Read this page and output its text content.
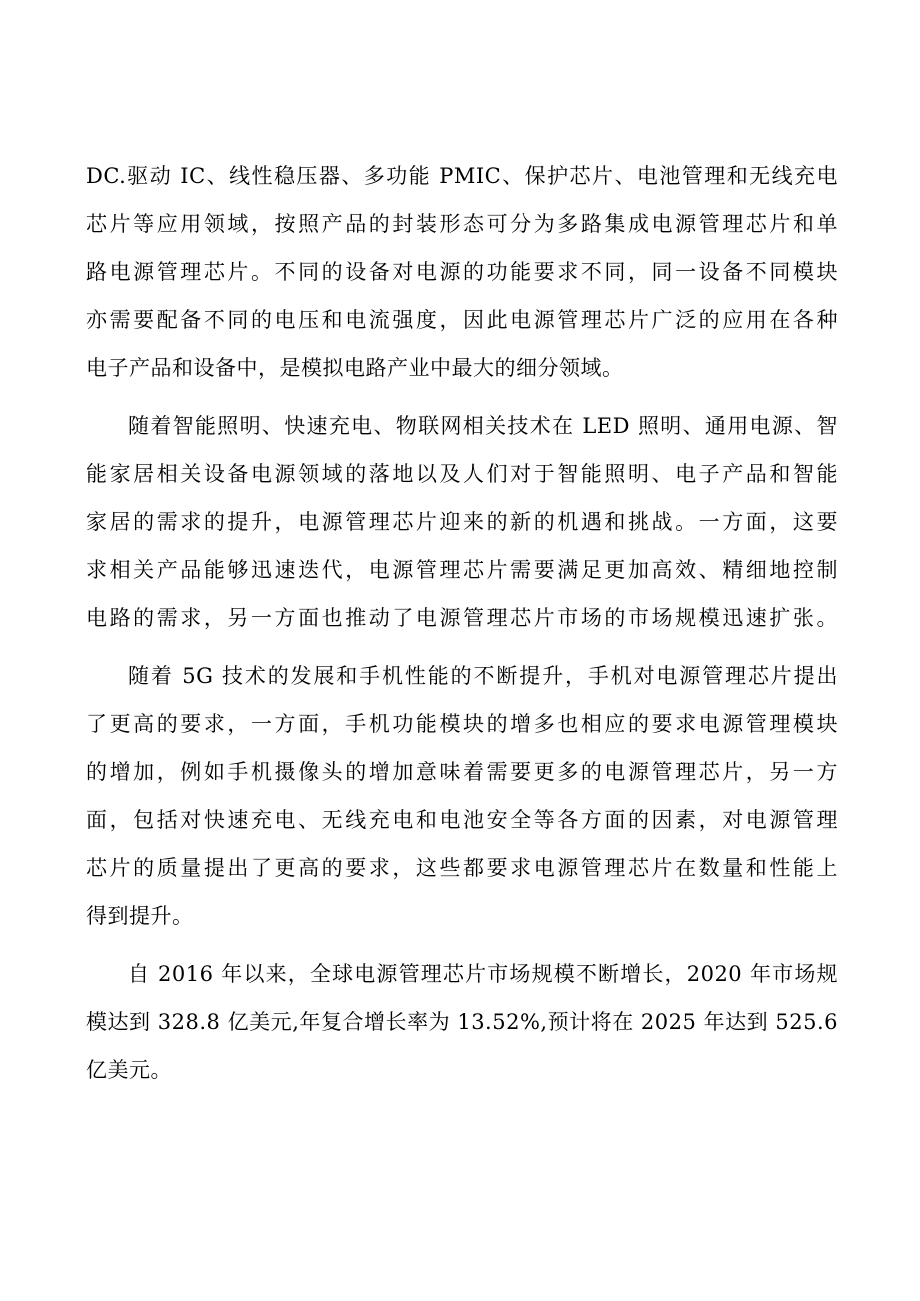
DC.驱动 IC、线性稳压器、多功能 PMIC、保护芯片、电池管理和无线充电
芯片等应用领域，按照产品的封装形态可分为多路集成电源管理芯片和单
路电源管理芯片。不同的设备对电源的功能要求不同，同一设备不同模块
亦需要配备不同的电压和电流强度，因此电源管理芯片广泛的应用在各种
电子产品和设备中，是模拟电路产业中最大的细分领域。

随着智能照明、快速充电、物联网相关技术在 LED 照明、通用电源、智
能家居相关设备电源领域的落地以及人们对于智能照明、电子产品和智能
家居的需求的提升，电源管理芯片迎来的新的机遇和挑战。一方面，这要
求相关产品能够迅速迭代，电源管理芯片需要满足更加高效、精细地控制
电路的需求，另一方面也推动了电源管理芯片市场的市场规模迅速扩张。

随着 5G 技术的发展和手机性能的不断提升，手机对电源管理芯片提出
了更高的要求，一方面，手机功能模块的增多也相应的要求电源管理模块
的增加，例如手机摄像头的增加意味着需要更多的电源管理芯片，另一方
面，包括对快速充电、无线充电和电池安全等各方面的因素，对电源管理
芯片的质量提出了更高的要求，这些都要求电源管理芯片在数量和性能上
得到提升。

自 2016 年以来，全球电源管理芯片市场规模不断增长，2020 年市场规
模达到 328.8 亿美元,年复合增长率为 13.52%,预计将在 2025 年达到 525.6
亿美元。
